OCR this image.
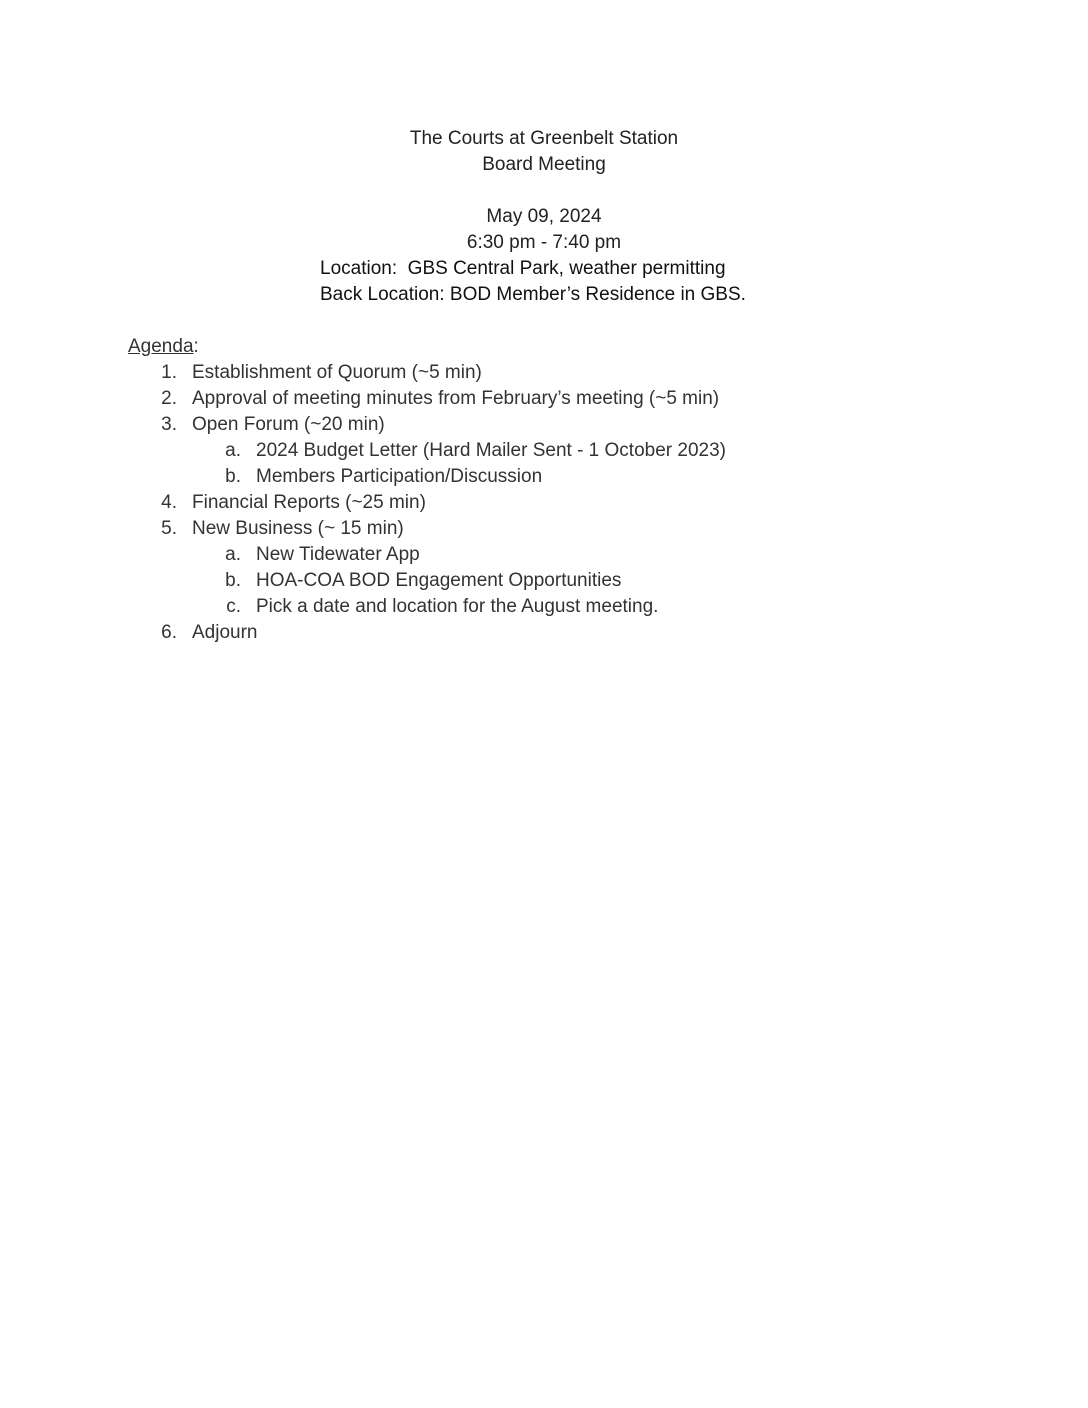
The Courts at Greenbelt Station
Board Meeting
May 09, 2024
6:30 pm - 7:40 pm
Location:  GBS Central Park, weather permitting
Back Location: BOD Member’s Residence in GBS.
Agenda:
1. Establishment of Quorum (~5 min)
2. Approval of meeting minutes from February’s meeting (~5 min)
3. Open Forum (~20 min)
a. 2024 Budget Letter (Hard Mailer Sent - 1 October 2023)
b. Members Participation/Discussion
4. Financial Reports (~25 min)
5. New Business (~ 15 min)
a. New Tidewater App
b. HOA-COA BOD Engagement Opportunities
c. Pick a date and location for the August meeting.
6. Adjourn
